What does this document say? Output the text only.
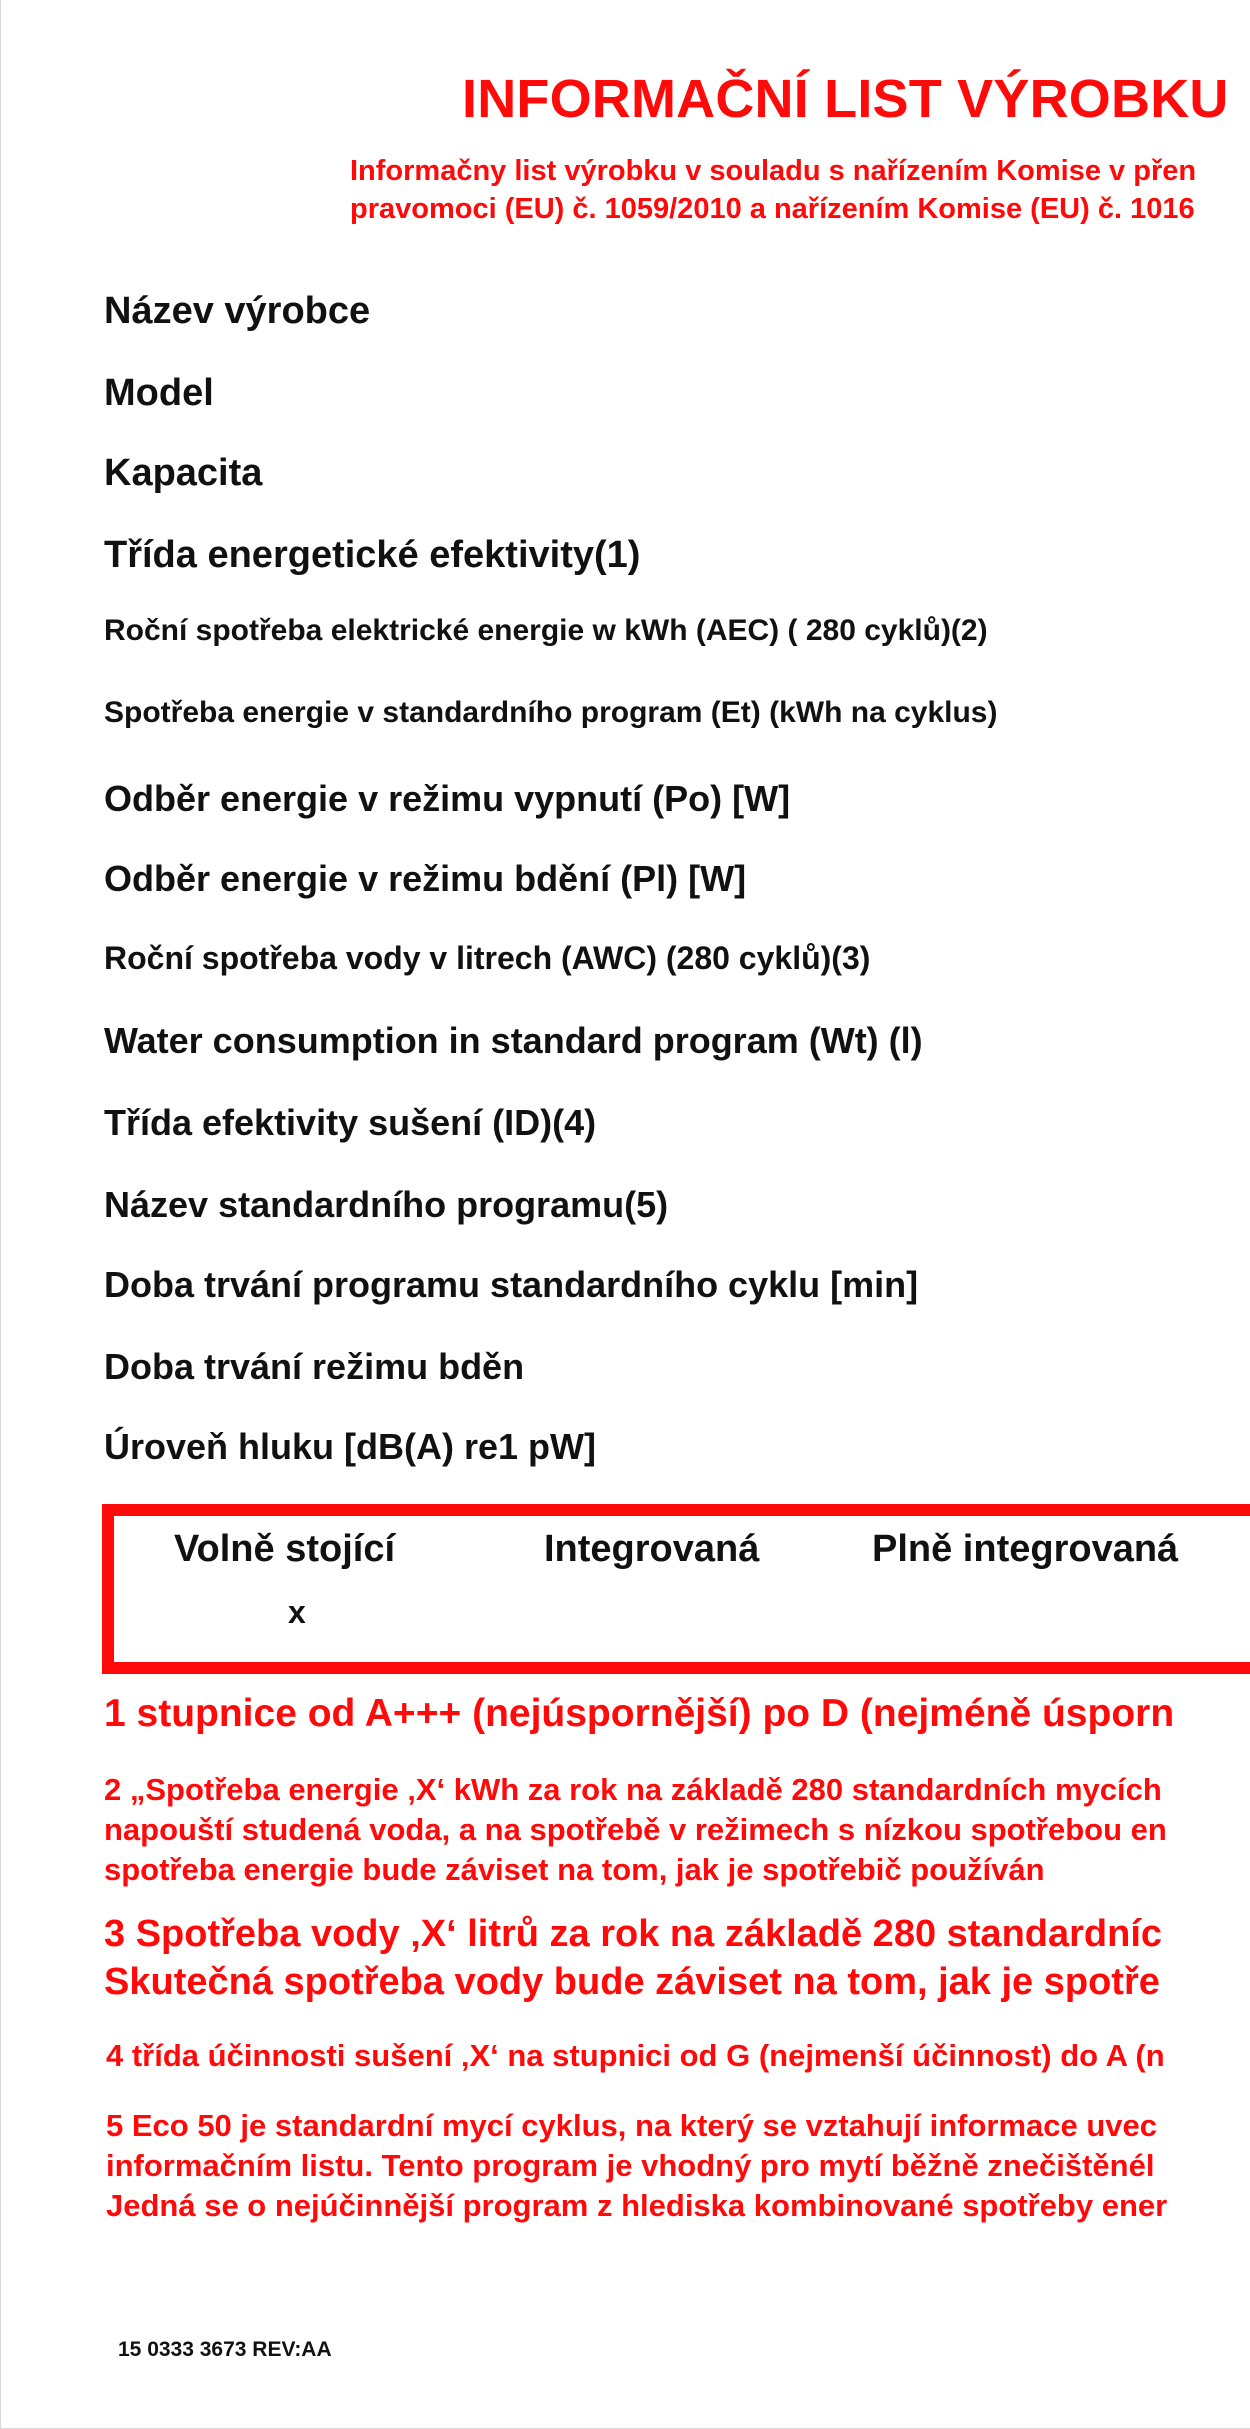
INFORMAČNÍ LIST VÝROBKU
Informačny list výrobku v souladu s nařízením Komise v přen
pravomoci (EU) č. 1059/2010 a nařízením Komise (EU) č. 1016
Název výrobce
Model
Kapacita
Třída energetické efektivity(1)
Roční spotřeba elektrické energie w kWh (AEC) ( 280 cyklů)(2)
Spotřeba energie v standardního program (Et) (kWh na cyklus)
Odběr energie v režimu vypnutí (Po) [W]
Odběr energie v režimu bdění (Pl) [W]
Roční spotřeba vody v litrech (AWC) (280 cyklů)(3)
Water consumption in standard program (Wt) (l)
Třída efektivity sušení (ID)(4)
Název standardního programu(5)
Doba trvání programu standardního cyklu [min]
Doba trvání režimu bděn
Úroveň hluku [dB(A) re1 pW]
Volně stojící	Integrovaná	Plně integrovaná
x
1 stupnice od A+++ (nejúspornější) po D (nejméně úsporn
2 „Spotřeba energie ‚X‘ kWh za rok na základě 280 standardních mycích
napouští studená voda, a na spotřebě v režimech s nízkou spotřebou en
spotřeba energie bude záviset na tom, jak je spotřebič používán
3 Spotřeba vody ‚X‘ litrů za rok na základě 280 standardníc
Skutečná spotřeba vody bude záviset na tom, jak je spotře
4 třída účinnosti sušení ‚X‘ na stupnici od G (nejmenší účinnost) do A (n
5 Eco 50 je standardní mycí cyklus, na který se vztahují informace uvec
informačním listu. Tento program je vhodný pro mytí běžně znečištěnél
Jedná se o nejúčinnější program z hlediska kombinované spotřeby ener
15 0333 3673 REV:AA
